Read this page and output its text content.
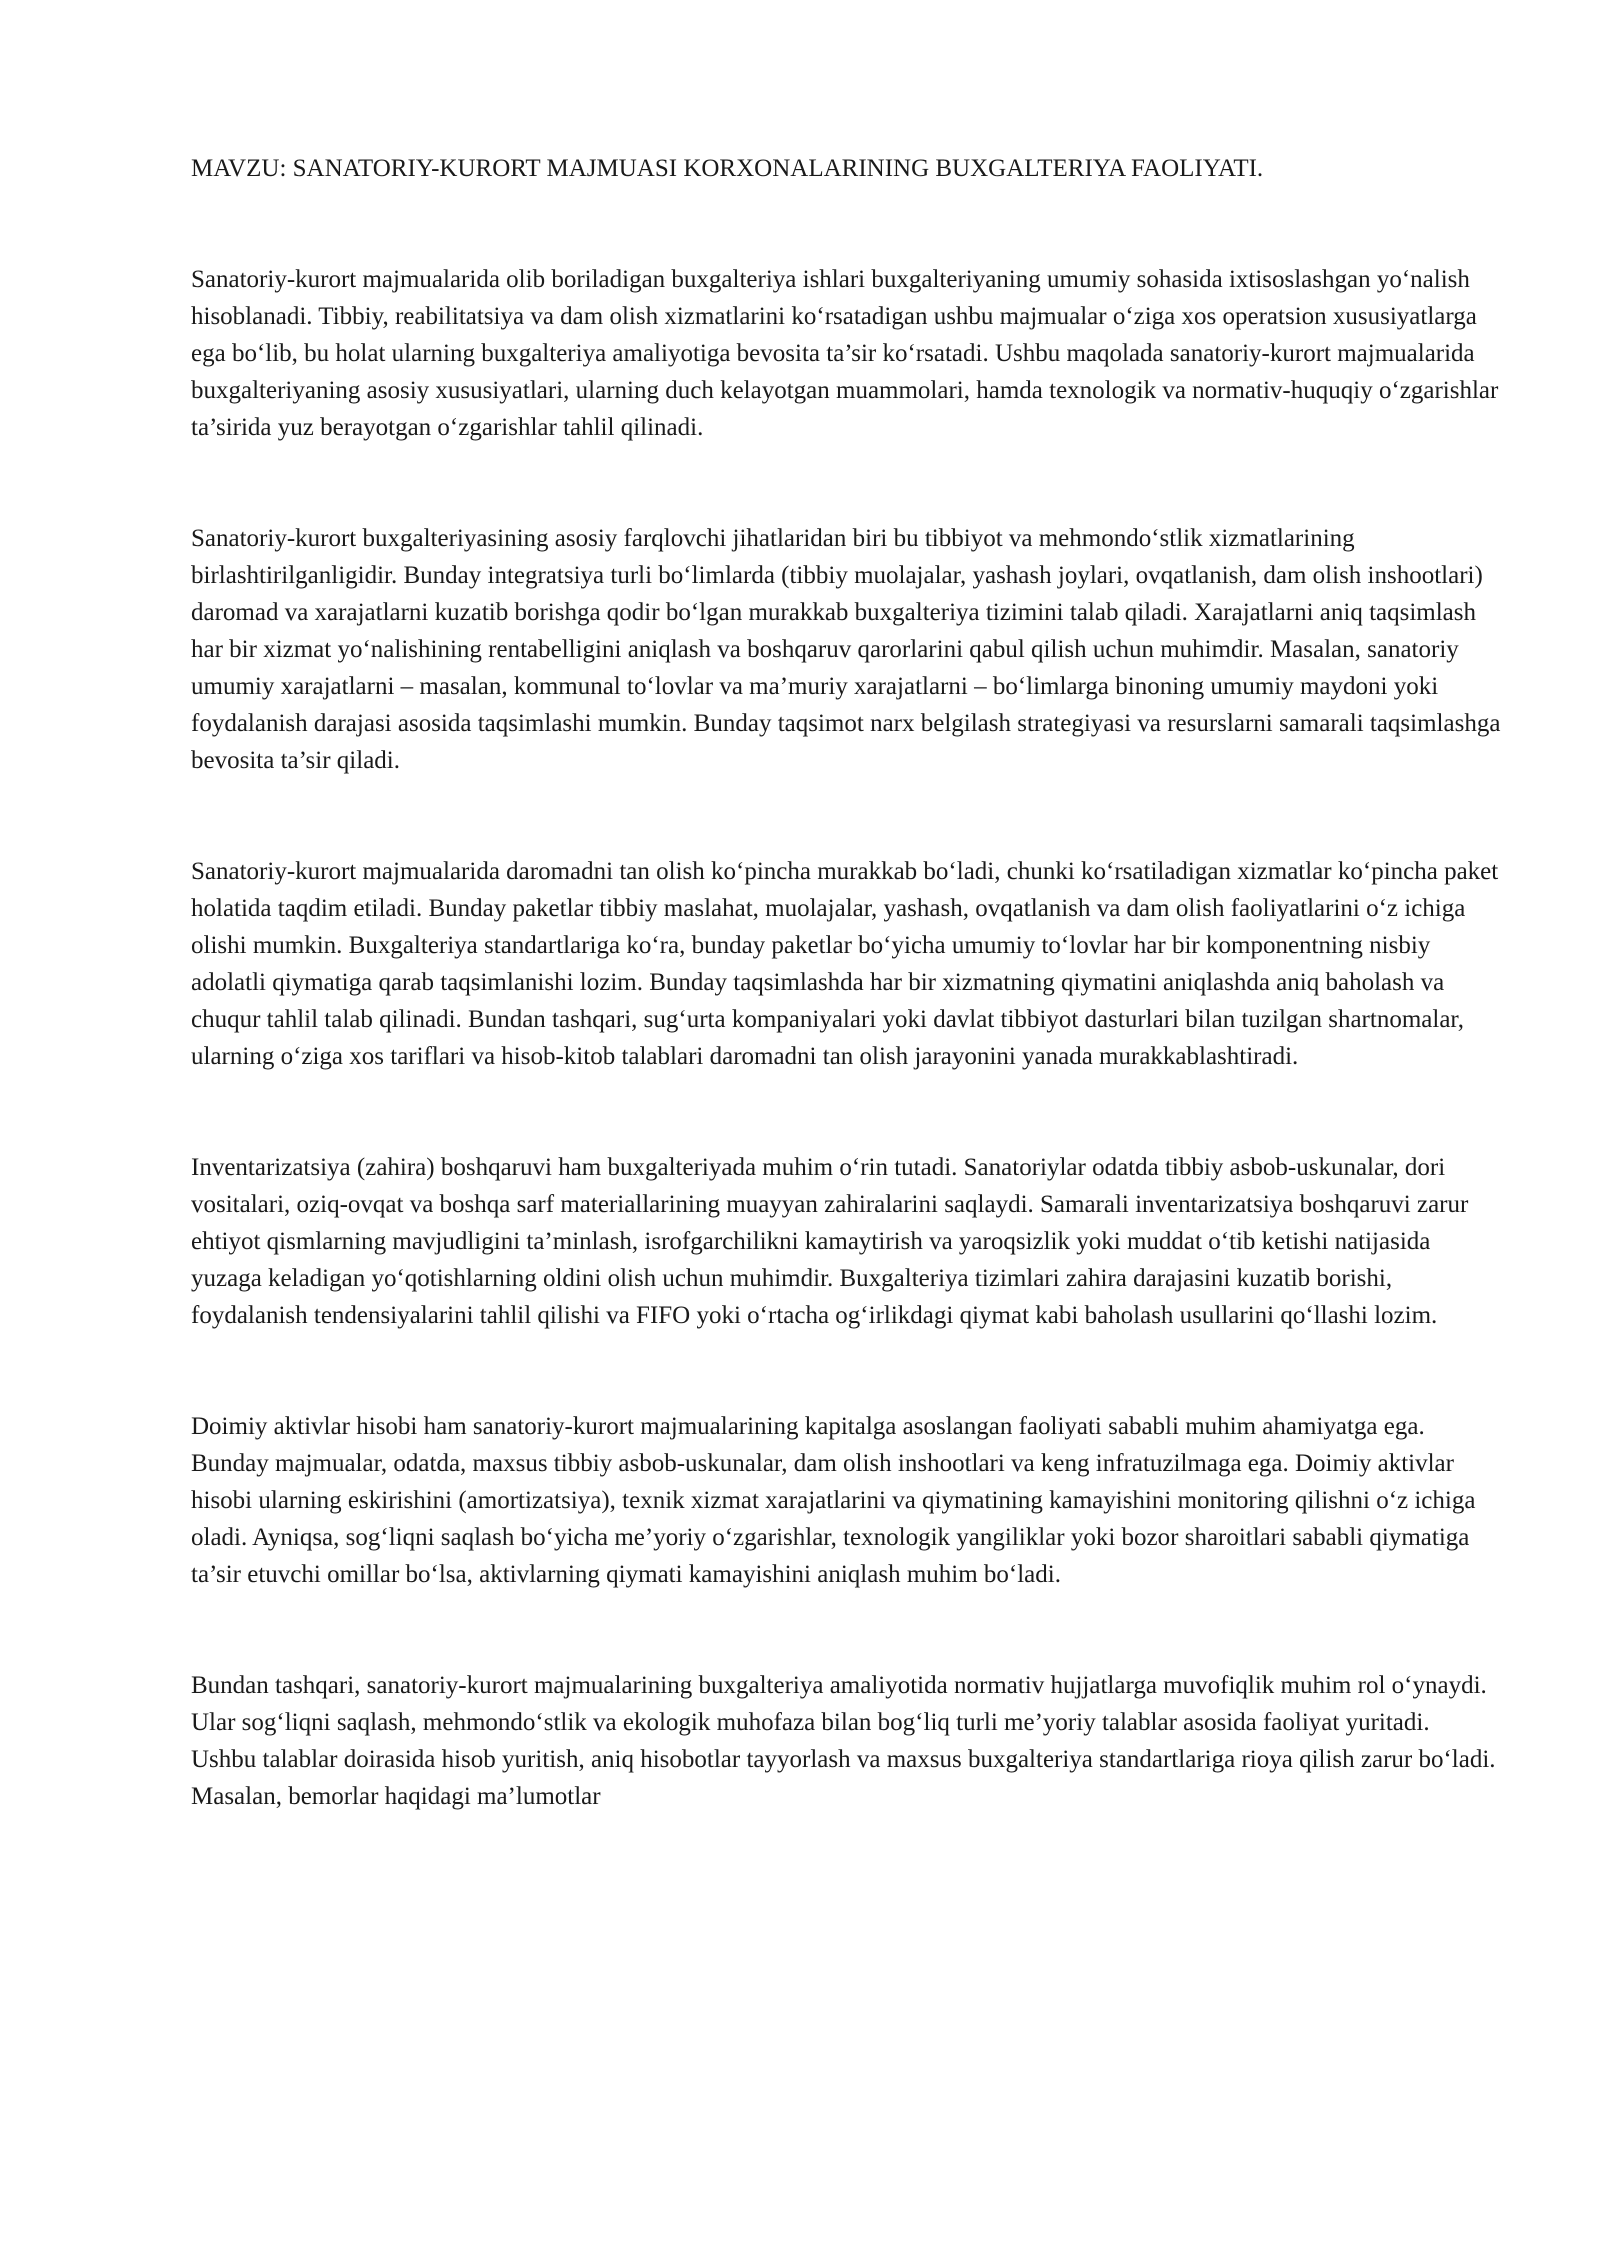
MAVZU: SANATORIY-KURORT MAJMUASI KORXONALARINING BUXGALTERIYA FAOLIYATI.

Sanatoriy-kurort majmualarida olib boriladigan buxgalteriya ishlari buxgalteriyaning umumiy sohasida ixtisoslashgan yo‘nalish hisoblanadi. Tibbiy, reabilitatsiya va dam olish xizmatlarini ko‘rsatadigan ushbu majmualar o‘ziga xos operatsion xususiyatlarga ega bo‘lib, bu holat ularning buxgalteriya amaliyotiga bevosita ta’sir ko‘rsatadi. Ushbu maqolada sanatoriy-kurort majmualarida buxgalteriyaning asosiy xususiyatlari, ularning duch kelayotgan muammolari, hamda texnologik va normativ-huquqiy o‘zgarishlar ta’sirida yuz berayotgan o‘zgarishlar tahlil qilinadi.

Sanatoriy-kurort buxgalteriyasining asosiy farqlovchi jihatlaridan biri bu tibbiyot va mehmondo‘stlik xizmatlarining birlashtirilganligidir. Bunday integratsiya turli bo‘limlarda (tibbiy muolajalar, yashash joylari, ovqatlanish, dam olish inshootlari) daromad va xarajatlarni kuzatib borishga qodir bo‘lgan murakkab buxgalteriya tizimini talab qiladi. Xarajatlarni aniq taqsimlash har bir xizmat yo‘nalishining rentabelligini aniqlash va boshqaruv qarorlarini qabul qilish uchun muhimdir. Masalan, sanatoriy umumiy xarajatlarni – masalan, kommunal to‘lovlar va ma’muriy xarajatlarni – bo‘limlarga binoning umumiy maydoni yoki foydalanish darajasi asosida taqsimlashi mumkin. Bunday taqsimot narx belgilash strategiyasi va resurslarni samarali taqsimlashga bevosita ta’sir qiladi.

Sanatoriy-kurort majmualarida daromadni tan olish ko‘pincha murakkab bo‘ladi, chunki ko‘rsatiladigan xizmatlar ko‘pincha paket holatida taqdim etiladi. Bunday paketlar tibbiy maslahat, muolajalar, yashash, ovqatlanish va dam olish faoliyatlarini o‘z ichiga olishi mumkin. Buxgalteriya standartlariga ko‘ra, bunday paketlar bo‘yicha umumiy to‘lovlar har bir komponentning nisbiy adolatli qiymatiga qarab taqsimlanishi lozim. Bunday taqsimlashda har bir xizmatning qiymatini aniqlashda aniq baholash va chuqur tahlil talab qilinadi. Bundan tashqari, sug‘urta kompaniyalari yoki davlat tibbiyot dasturlari bilan tuzilgan shartnomalar, ularning o‘ziga xos tariflari va hisob-kitob talablari daromadni tan olish jarayonini yanada murakkablashtiradi.

Inventarizatsiya (zahira) boshqaruvi ham buxgalteriyada muhim o‘rin tutadi. Sanatoriylar odatda tibbiy asbob-uskunalar, dori vositalari, oziq-ovqat va boshqa sarf materiallarining muayyan zahiralarini saqlaydi. Samarali inventarizatsiya boshqaruvi zarur ehtiyot qismlarning mavjudligini ta’minlash, isrofgarchilikni kamaytirish va yaroqsizlik yoki muddat o‘tib ketishi natijasida yuzaga keladigan yo‘qotishlarning oldini olish uchun muhimdir. Buxgalteriya tizimlari zahira darajasini kuzatib borishi, foydalanish tendensiyalarini tahlil qilishi va FIFO yoki o‘rtacha og‘irlikdagi qiymat kabi baholash usullarini qo‘llashi lozim.

Doimiy aktivlar hisobi ham sanatoriy-kurort majmualarining kapitalga asoslangan faoliyati sababli muhim ahamiyatga ega. Bunday majmualar, odatda, maxsus tibbiy asbob-uskunalar, dam olish inshootlari va keng infratuzilmaga ega. Doimiy aktivlar hisobi ularning eskirishini (amortizatsiya), texnik xizmat xarajatlarini va qiymatining kamayishini monitoring qilishni o‘z ichiga oladi. Ayniqsa, sog‘liqni saqlash bo‘yicha me’yoriy o‘zgarishlar, texnologik yangiliklar yoki bozor sharoitlari sababli qiymatiga ta’sir etuvchi omillar bo‘lsa, aktivlarning qiymati kamayishini aniqlash muhim bo‘ladi.

Bundan tashqari, sanatoriy-kurort majmualarining buxgalteriya amaliyotida normativ hujjatlarga muvofiqlik muhim rol o‘ynaydi. Ular sog‘liqni saqlash, mehmondo‘stlik va ekologik muhofaza bilan bog‘liq turli me’yoriy talablar asosida faoliyat yuritadi. Ushbu talablar doirasida hisob yuritish, aniq hisobotlar tayyorlash va maxsus buxgalteriya standartlariga rioya qilish zarur bo‘ladi. Masalan, bemorlar haqidagi ma’lumotlar
